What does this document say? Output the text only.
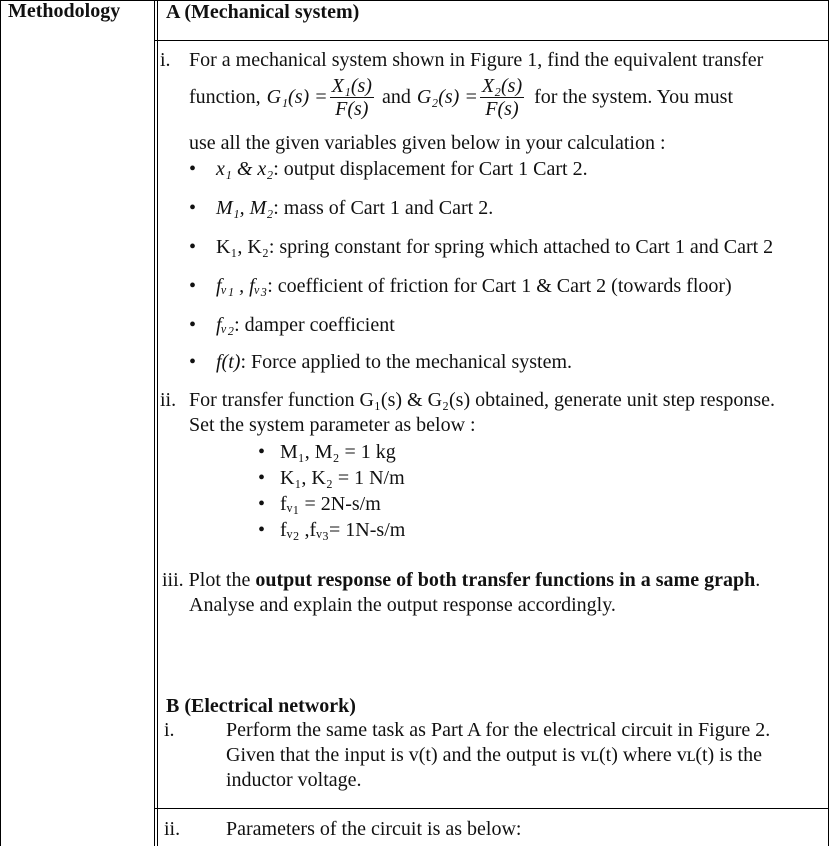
Methodology A (Mechanical system)
i. For a mechanical system shown in Figure 1, find the equivalent transfer
function, $G_1(s) = \frac{\text{X₁(s)}}{F(s)}$ and $G_2(s) = \frac{\text{X₂(s)}}{F(s)}$ for the system. You must
use all the given variables given below in your calculation :
• x₁ & x₂: output displacement for Cart 1 Cart 2.
• M₁, M₂: mass of Cart 1 and Cart 2.
• K₁, K₂: spring constant for spring which attached to Cart 1 and Cart 2
• fᵥ₁ , fᵥ₃: coefficient of friction for Cart 1 & Cart 2 (towards floor)
• fᵥ₂: damper coefficient
• f(t): Force applied to the mechanical system.
ii. For transfer function G₁(s) & G₂(s) obtained, generate unit step response.
Set the system parameter as below :
• M₁, M₂ = 1 kg
• K₁, K₂ = 1 N/m
• fᵥ₁ = 2N-s/m
• fᵥ₂ ,fᵥ₃= 1N-s/m
iii. Plot the output response of both transfer functions in a same graph.
Analyse and explain the output response accordingly.
B (Electrical network)
i.	Perform the same task as Part A for the electrical circuit in Figure 2.
Given that the input is v(t) and the output is vʟ(t) where vʟ(t) is the
inductor voltage.
ii. Parameters of the circuit is as below:
